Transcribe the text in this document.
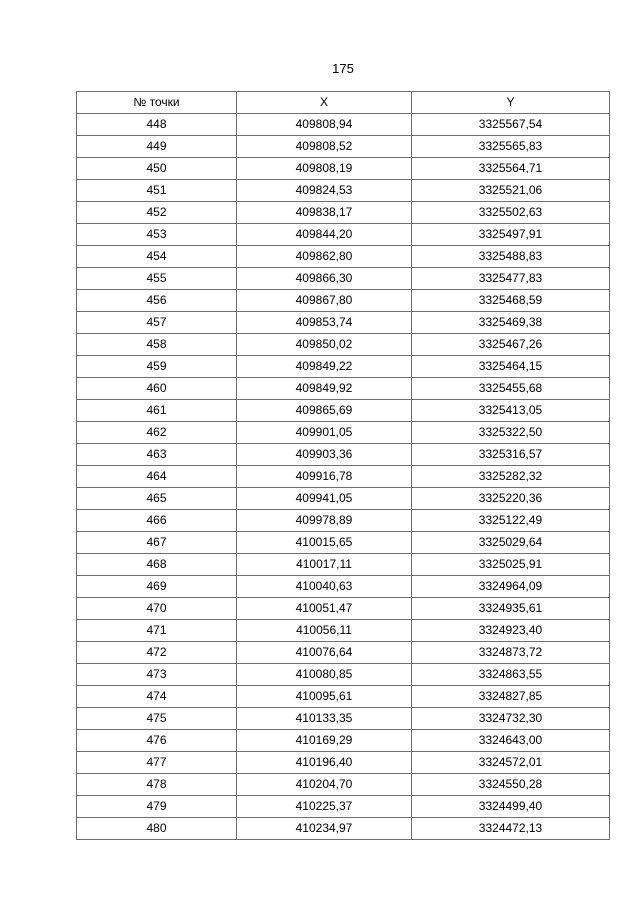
175
№ точки	X	Y
448	409808,94	3325567,54
449	409808,52	3325565,83
450	409808,19	3325564,71
451	409824,53	3325521,06
452	409838,17	3325502,63
453	409844,20	3325497,91
454	409862,80	3325488,83
455	409866,30	3325477,83
456	409867,80	3325468,59
457	409853,74	3325469,38
458	409850,02	3325467,26
459	409849,22	3325464,15
460	409849,92	3325455,68
461	409865,69	3325413,05
462	409901,05	3325322,50
463	409903,36	3325316,57
464	409916,78	3325282,32
465	409941,05	3325220,36
466	409978,89	3325122,49
467	410015,65	3325029,64
468	410017,11	3325025,91
469	410040,63	3324964,09
470	410051,47	3324935,61
471	410056,11	3324923,40
472	410076,64	3324873,72
473	410080,85	3324863,55
474	410095,61	3324827,85
475	410133,35	3324732,30
476	410169,29	3324643,00
477	410196,40	3324572,01
478	410204,70	3324550,28
479	410225,37	3324499,40
480	410234,97	3324472,13
